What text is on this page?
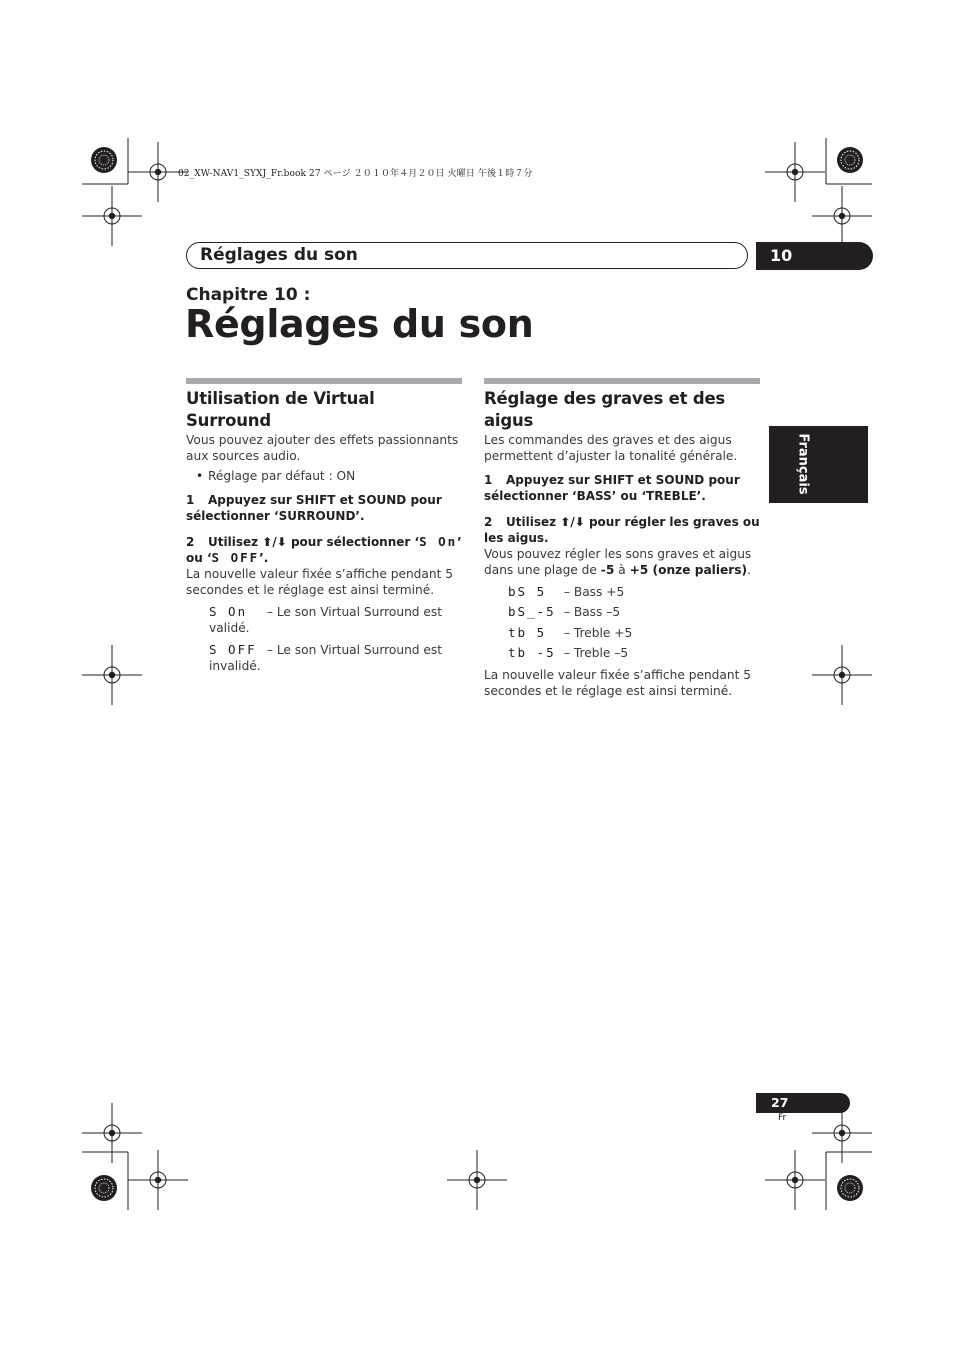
02_XW-NAV1_SYXJ_Fr.book 27 ページ ２０１０年４月２０日 火曜日 午後１時７分
Réglages du son	10
Chapitre 10 :
Réglages du son
Utilisation de Virtual Surround

Vous pouvez ajouter des effets passionnants aux sources audio.

• Réglage par défaut : ON

1 Appuyez sur SHIFT et SOUND pour sélectionner ‘SURROUND’.

2 Utilisez ⬆/⬇ pour sélectionner ‘S On’
ou ‘S OFF’.

La nouvelle valeur fixée s’affiche pendant 5 secondes et le réglage est ainsi terminé.

S On – Le son Virtual Surround est validé.
S OFF – Le son Virtual Surround est invalidé.
Réglage des graves et des aigus

Les commandes des graves et des aigus permettent d’ajuster la tonalité générale.

1 Appuyez sur SHIFT et SOUND pour sélectionner ‘BASS’ ou ‘TREBLE’.

2 Utilisez ⬆/⬇ pour régler les graves ou les aigus.

Vous pouvez régler les sons graves et aigus dans une plage de -5 à +5 (onze paliers).

bS 5 – Bass +5
bS_-5 – Bass –5
tb 5 – Treble +5
tb -5 – Treble –5

La nouvelle valeur fixée s’affiche pendant 5 secondes et le réglage est ainsi terminé.

Français
27
Fr
